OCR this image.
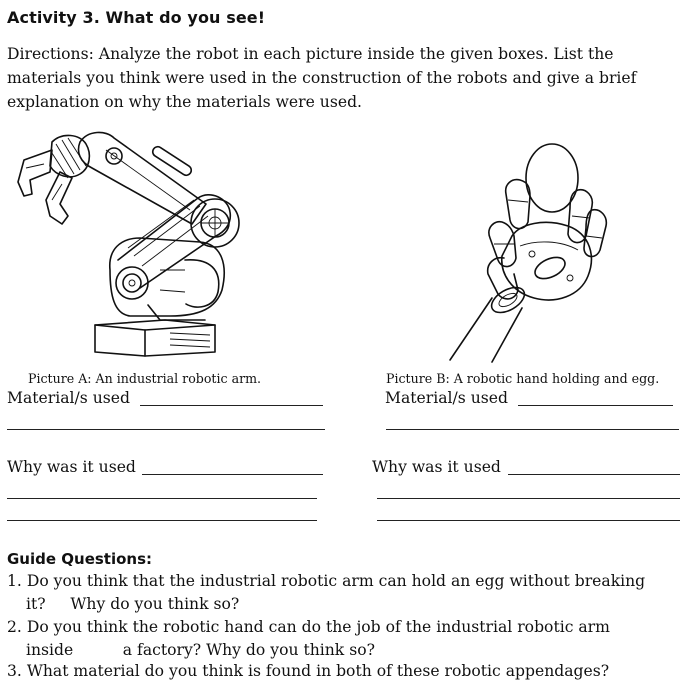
Activity 3. What do you see!
Directions: Analyze the robot in each picture inside the given boxes. List the
materials you think were used in the construction of the robots and give a brief
explanation on why the materials were used.
Picture A: An industrial robotic arm.	Picture B: A robotic hand holding and egg.
Material/s used	Material/s used
Why was it used	Why was it used
Guide Questions:
1. Do you think that the industrial robotic arm can hold an egg without breaking
it?     Why do you think so?
2. Do you think the robotic hand can do the job of the industrial robotic arm
inside          a factory? Why do you think so?
3. What material do you think is found in both of these robotic appendages?
